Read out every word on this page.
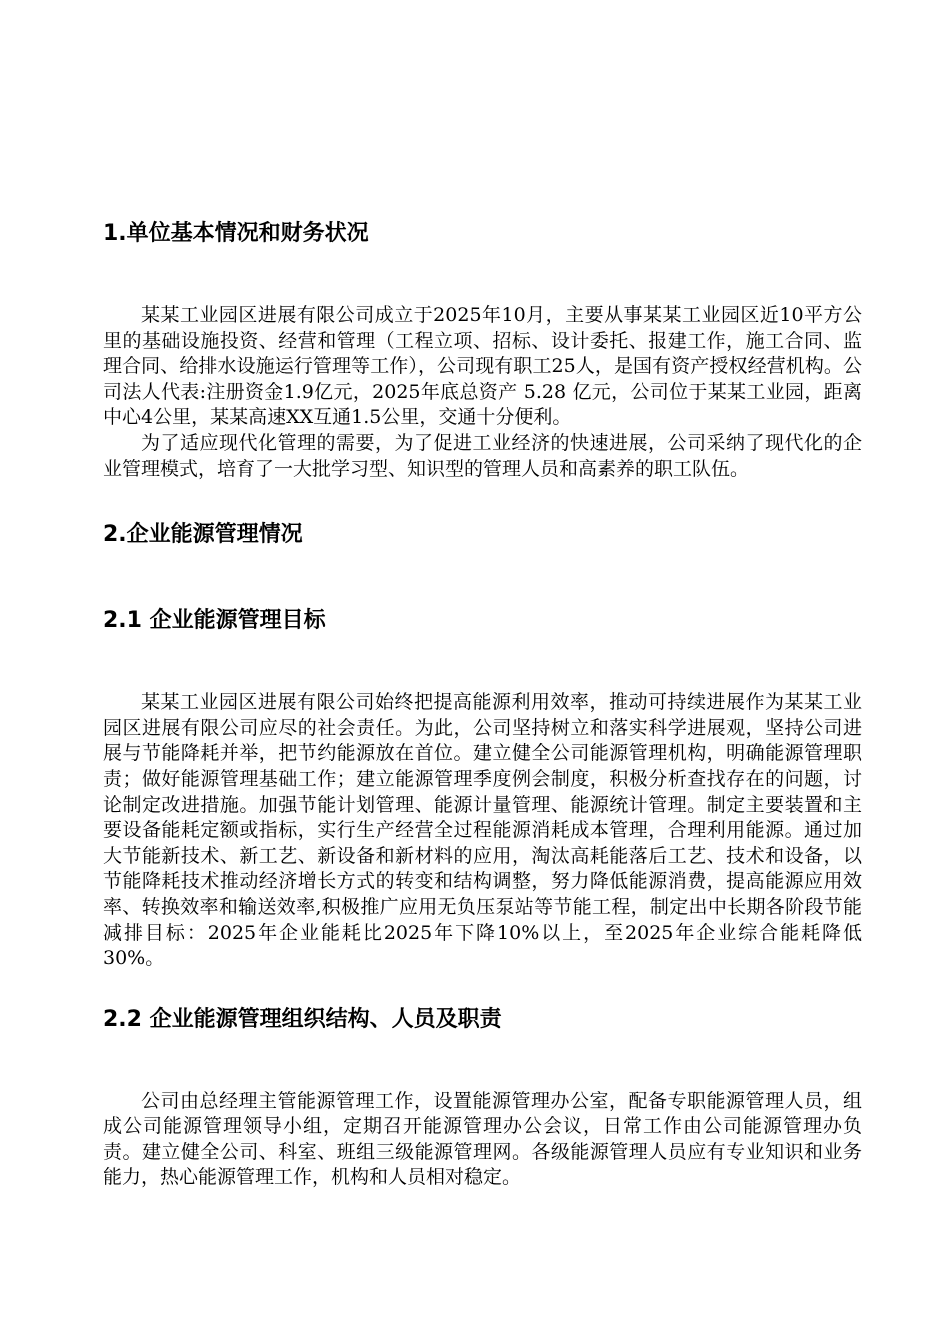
1.单位基本情况和财务状况

某某工业园区进展有限公司成立于2025年10月，主要从事某某工业园区近10平方公里的基础设施投资、经营和管理（工程立项、招标、设计委托、报建工作，施工合同、监理合同、给排水设施运行管理等工作），公司现有职工25人，是国有资产授权经营机构。公司法人代表:注册资金1.9亿元，2025年底总资产 5.28 亿元，公司位于某某工业园，距离中心4公里，某某高速XX互通1.5公里，交通十分便利。

为了适应现代化管理的需要，为了促进工业经济的快速进展，公司采纳了现代化的企业管理模式，培育了一大批学习型、知识型的管理人员和高素养的职工队伍。

2.企业能源管理情况
2.1 企业能源管理目标

某某工业园区进展有限公司始终把提高能源利用效率，推动可持续进展作为某某工业园区进展有限公司应尽的社会责任。为此，公司坚持树立和落实科学进展观，坚持公司进展与节能降耗并举，把节约能源放在首位。建立健全公司能源管理机构，明确能源管理职责；做好能源管理基础工作；建立能源管理季度例会制度，积极分析查找存在的问题，讨论制定改进措施。加强节能计划管理、能源计量管理、能源统计管理。制定主要装置和主要设备能耗定额或指标，实行生产经营全过程能源消耗成本管理，合理利用能源。通过加大节能新技术、新工艺、新设备和新材料的应用，淘汰高耗能落后工艺、技术和设备，以节能降耗技术推动经济增长方式的转变和结构调整，努力降低能源消费，提高能源应用效率、转换效率和输送效率,积极推广应用无负压泵站等节能工程，制定出中长期各阶段节能减排目标：2025年企业能耗比2025年下降10%以上，至2025年企业综合能耗降低30%。

2.2 企业能源管理组织结构、人员及职责

公司由总经理主管能源管理工作，设置能源管理办公室，配备专职能源管理人员，组成公司能源管理领导小组，定期召开能源管理办公会议，日常工作由公司能源管理办负责。建立健全公司、科室、班组三级能源管理网。各级能源管理人员应有专业知识和业务能力，热心能源管理工作，机构和人员相对稳定。
